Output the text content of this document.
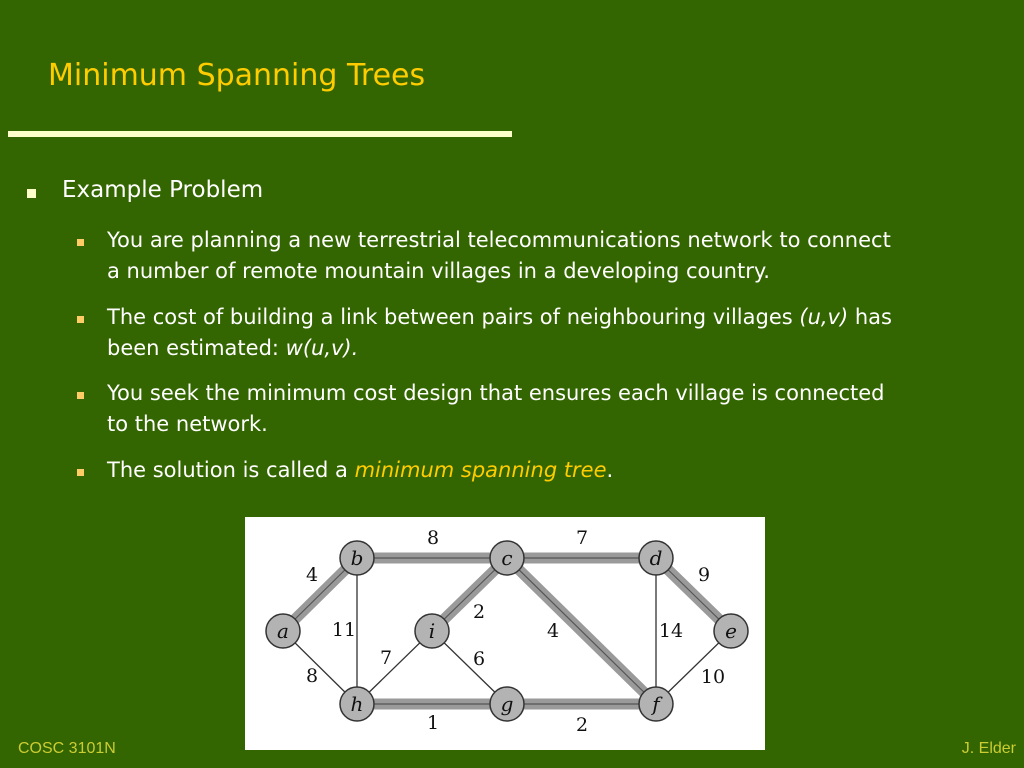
Minimum Spanning Trees
Example Problem
You are planning a new terrestrial telecommunications network to connect
a number of remote mountain villages in a developing country.
The cost of building a link between pairs of neighbouring villages (u,v) has
been estimated: w(u,v).
You seek the minimum cost design that ensures each village is connected
to the network.
The solution is called a minimum spanning tree.
a
b	c	d
e
i
h	g	f
4
8	7
9
8
11
7
2
6
4	14
10
1	2
COSC 3101N	J. Elder
